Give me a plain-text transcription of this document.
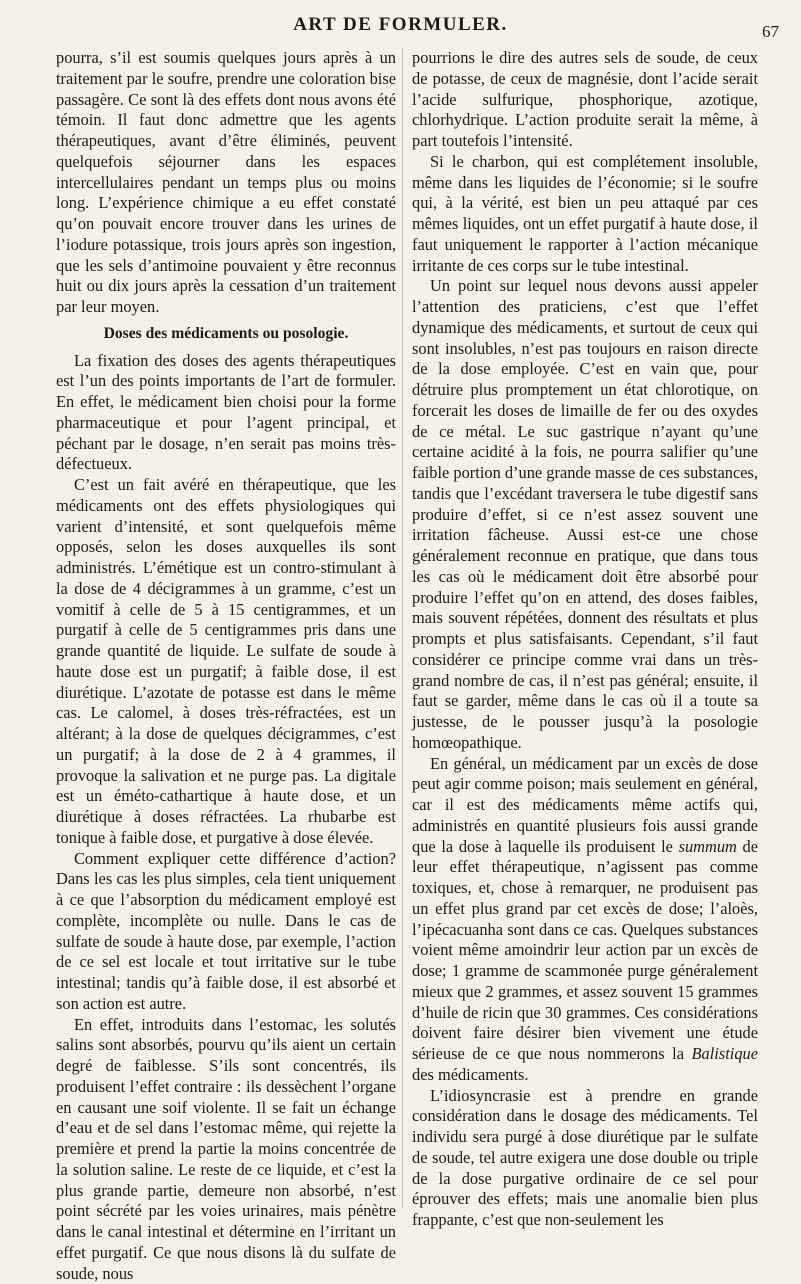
ART DE FORMULER.	67

pourra, s’il est soumis quelques jours après à un traitement par le soufre, prendre une coloration bise passagère. Ce sont là des effets dont nous avons été témoin. Il faut donc admettre que les agents thérapeutiques, avant d’être éliminés, peuvent quelquefois séjourner dans les espaces intercellulaires pendant un temps plus ou moins long. L’expérience chimique a eu effet constaté qu’on pouvait encore trouver dans les urines de l’iodure potassique, trois jours après son ingestion, que les sels d’antimoine pouvaient y être reconnus huit ou dix jours après la cessation d’un traitement par leur moyen.

Doses des médicaments ou posologie.

La fixation des doses des agents thérapeutiques est l’un des points importants de l’art de formuler. En effet, le médicament bien choisi pour la forme pharmaceutique et pour l’agent principal, et péchant par le dosage, n’en serait pas moins très-défectueux.

C’est un fait avéré en thérapeutique, que les médicaments ont des effets physiologiques qui varient d’intensité, et sont quelquefois même opposés, selon les doses auxquelles ils sont administrés. L’émétique est un contro-stimulant à la dose de 4 décigrammes à un gramme, c’est un vomitif à celle de 5 à 15 centigrammes, et un purgatif à celle de 5 centigrammes pris dans une grande quantité de liquide. Le sulfate de soude à haute dose est un purgatif; à faible dose, il est diurétique. L’azotate de potasse est dans le même cas. Le calomel, à doses très-réfractées, est un altérant; à la dose de quelques décigrammes, c’est un purgatif; à la dose de 2 à 4 grammes, il provoque la salivation et ne purge pas. La digitale est un éméto-cathartique à haute dose, et un diurétique à doses réfractées. La rhubarbe est tonique à faible dose, et purgative à dose élevée.

Comment expliquer cette différence d’action? Dans les cas les plus simples, cela tient uniquement à ce que l’absorption du médicament employé est complète, incomplète ou nulle. Dans le cas de sulfate de soude à haute dose, par exemple, l’action de ce sel est locale et tout irritative sur le tube intestinal; tandis qu’à faible dose, il est absorbé et son action est autre.

En effet, introduits dans l’estomac, les solutés salins sont absorbés, pourvu qu’ils aient un certain degré de faiblesse. S’ils sont concentrés, ils produisent l’effet contraire : ils dessèchent l’organe en causant une soif violente. Il se fait un échange d’eau et de sel dans l’estomac même, qui rejette la première et prend la partie la moins concentrée de la solution saline. Le reste de ce liquide, et c’est la plus grande partie, demeure non absorbé, n’est point sécrété par les voies urinaires, mais pénètre dans le canal intestinal et détermine en l’irritant un effet purgatif. Ce que nous disons là du sulfate de soude, nous

pourrions le dire des autres sels de soude, de ceux de potasse, de ceux de magnésie, dont l’acide serait l’acide sulfurique, phosphorique, azotique, chlorhydrique. L’action produite serait la même, à part toutefois l’intensité.

Si le charbon, qui est complétement insoluble, même dans les liquides de l’économie; si le soufre qui, à la vérité, est bien un peu attaqué par ces mêmes liquides, ont un effet purgatif à haute dose, il faut uniquement le rapporter à l’action mécanique irritante de ces corps sur le tube intestinal.

Un point sur lequel nous devons aussi appeler l’attention des praticiens, c’est que l’effet dynamique des médicaments, et surtout de ceux qui sont insolubles, n’est pas toujours en raison directe de la dose employée. C’est en vain que, pour détruire plus promptement un état chlorotique, on forcerait les doses de limaille de fer ou des oxydes de ce métal. Le suc gastrique n’ayant qu’une certaine acidité à la fois, ne pourra salifier qu’une faible portion d’une grande masse de ces substances, tandis que l’excédant traversera le tube digestif sans produire d’effet, si ce n’est assez souvent une irritation fâcheuse. Aussi est-ce une chose généralement reconnue en pratique, que dans tous les cas où le médicament doit être absorbé pour produire l’effet qu’on en attend, des doses faibles, mais souvent répétées, donnent des résultats et plus prompts et plus satisfaisants. Cependant, s’il faut considérer ce principe comme vrai dans un très-grand nombre de cas, il n’est pas général; ensuite, il faut se garder, même dans le cas où il a toute sa justesse, de le pousser jusqu’à la posologie homœopathique.

En général, un médicament par un excès de dose peut agir comme poison; mais seulement en général, car il est des médicaments même actifs qui, administrés en quantité plusieurs fois aussi grande que la dose à laquelle ils produisent le summum de leur effet thérapeutique, n’agissent pas comme toxiques, et, chose à remarquer, ne produisent pas un effet plus grand par cet excès de dose; l’aloès, l’ipécacuanha sont dans ce cas. Quelques substances voient même amoindrir leur action par un excès de dose; 1 gramme de scammonée purge généralement mieux que 2 grammes, et assez souvent 15 grammes d’huile de ricin que 30 grammes. Ces considérations doivent faire désirer bien vivement une étude sérieuse de ce que nous nommerons la Balistique des médicaments.

L’idiosyncrasie est à prendre en grande considération dans le dosage des médicaments. Tel individu sera purgé à dose diurétique par le sulfate de soude, tel autre exigera une dose double ou triple de la dose purgative ordinaire de ce sel pour éprouver des effets; mais une anomalie bien plus frappante, c’est que non-seulement les
